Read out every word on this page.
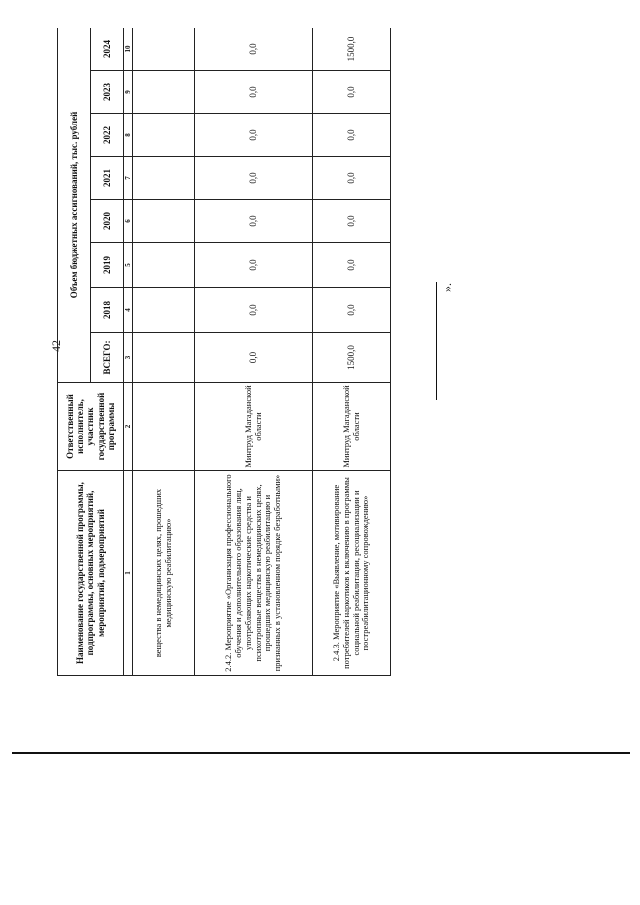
42
Наименование государственной программы, подпрограммы, основных мероприятий, мероприятий, подмероприятий	Ответственный исполнитель, участник государственной программы	Объем бюджетных ассигнований, тыс. рублей							
		ВСЕГО:	2018	2019	2020	2021	2022	2023	2024
1	2	3	4	5	6	7	8	9	10
вещества в немедицинских целях, прошедших медицинскую реабилитацию»									
2.4.2. Мероприятие «Организация профессионального обучения и дополнительного образования лиц, употребляющих наркотические средства и психотропные вещества в немедицинских целях, прошедших медицинскую реабилитацию и признанных в установленном порядке безработными»	Минтруд Магаданской области	0,0	0,0	0,0	0,0	0,0	0,0	0,0	0,0
2.4.3. Мероприятие «Выявление, мотивирование потребителей наркотиков к включению в программы социальной реабилитации, ресоциализации и постреабилитационному сопровождению»	Минтруд Магаданской области	1500,0	0,0	0,0	0,0	0,0	0,0	0,0	1500,0
».
